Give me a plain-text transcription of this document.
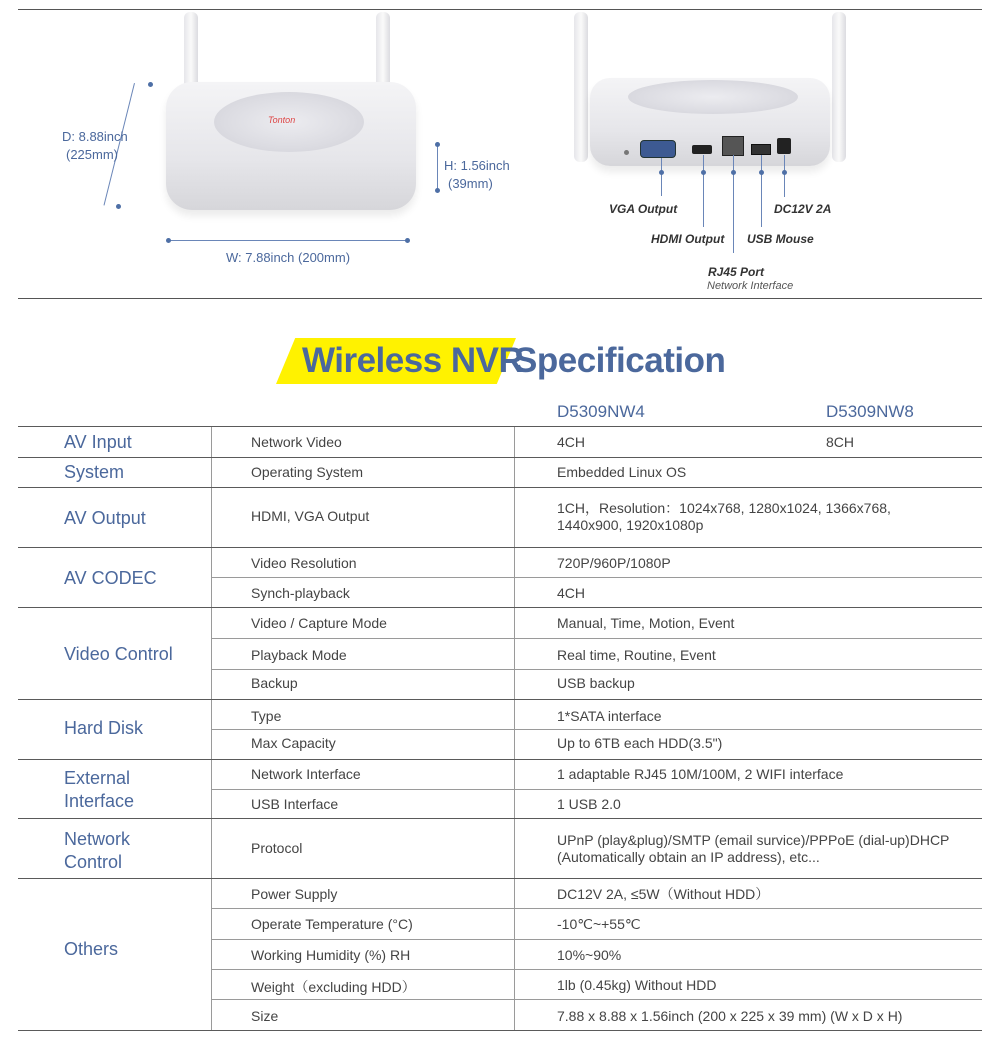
Tonton
D: 8.88inch
(225mm)
H: 1.56inch
(39mm)
W: 7.88inch (200mm)
VGA Output
HDMI Output
RJ45 Port
Network Interface
USB Mouse
DC12V 2A
Wireless NVR
Specification
D5309NW4	D5309NW8
AV Input	Network Video	4CH	8CH
System	Operating System	Embedded Linux OS
AV Output	HDMI, VGA Output	1CH，Resolution：1024x768, 1280x1024, 1366x768,
1440x900, 1920x1080p
AV CODEC
Video Resolution	720P/960P/1080P
Synch-playback	4CH
Video Control
Video / Capture Mode	Manual, Time, Motion, Event
Playback Mode	Real time, Routine, Event
Backup	USB backup
Hard Disk
Type	1*SATA interface
Max Capacity	Up to 6TB each HDD(3.5")
External
Interface
Network Interface	1 adaptable RJ45 10M/100M, 2 WIFI interface
USB Interface	1 USB 2.0
Network
Control
Protocol	UPnP (play&plug)/SMTP (email survice)/PPPoE (dial-up)DHCP
(Automatically obtain an IP address), etc...
Others
Power Supply	DC12V 2A, ≤5W（Without HDD）
Operate Temperature (°C)	-10℃~+55℃
Working Humidity (%) RH	10%~90%
Weight（excluding HDD）	1lb (0.45kg) Without HDD
Size	7.88 x 8.88 x 1.56inch (200 x 225 x 39 mm) (W x D x H)
